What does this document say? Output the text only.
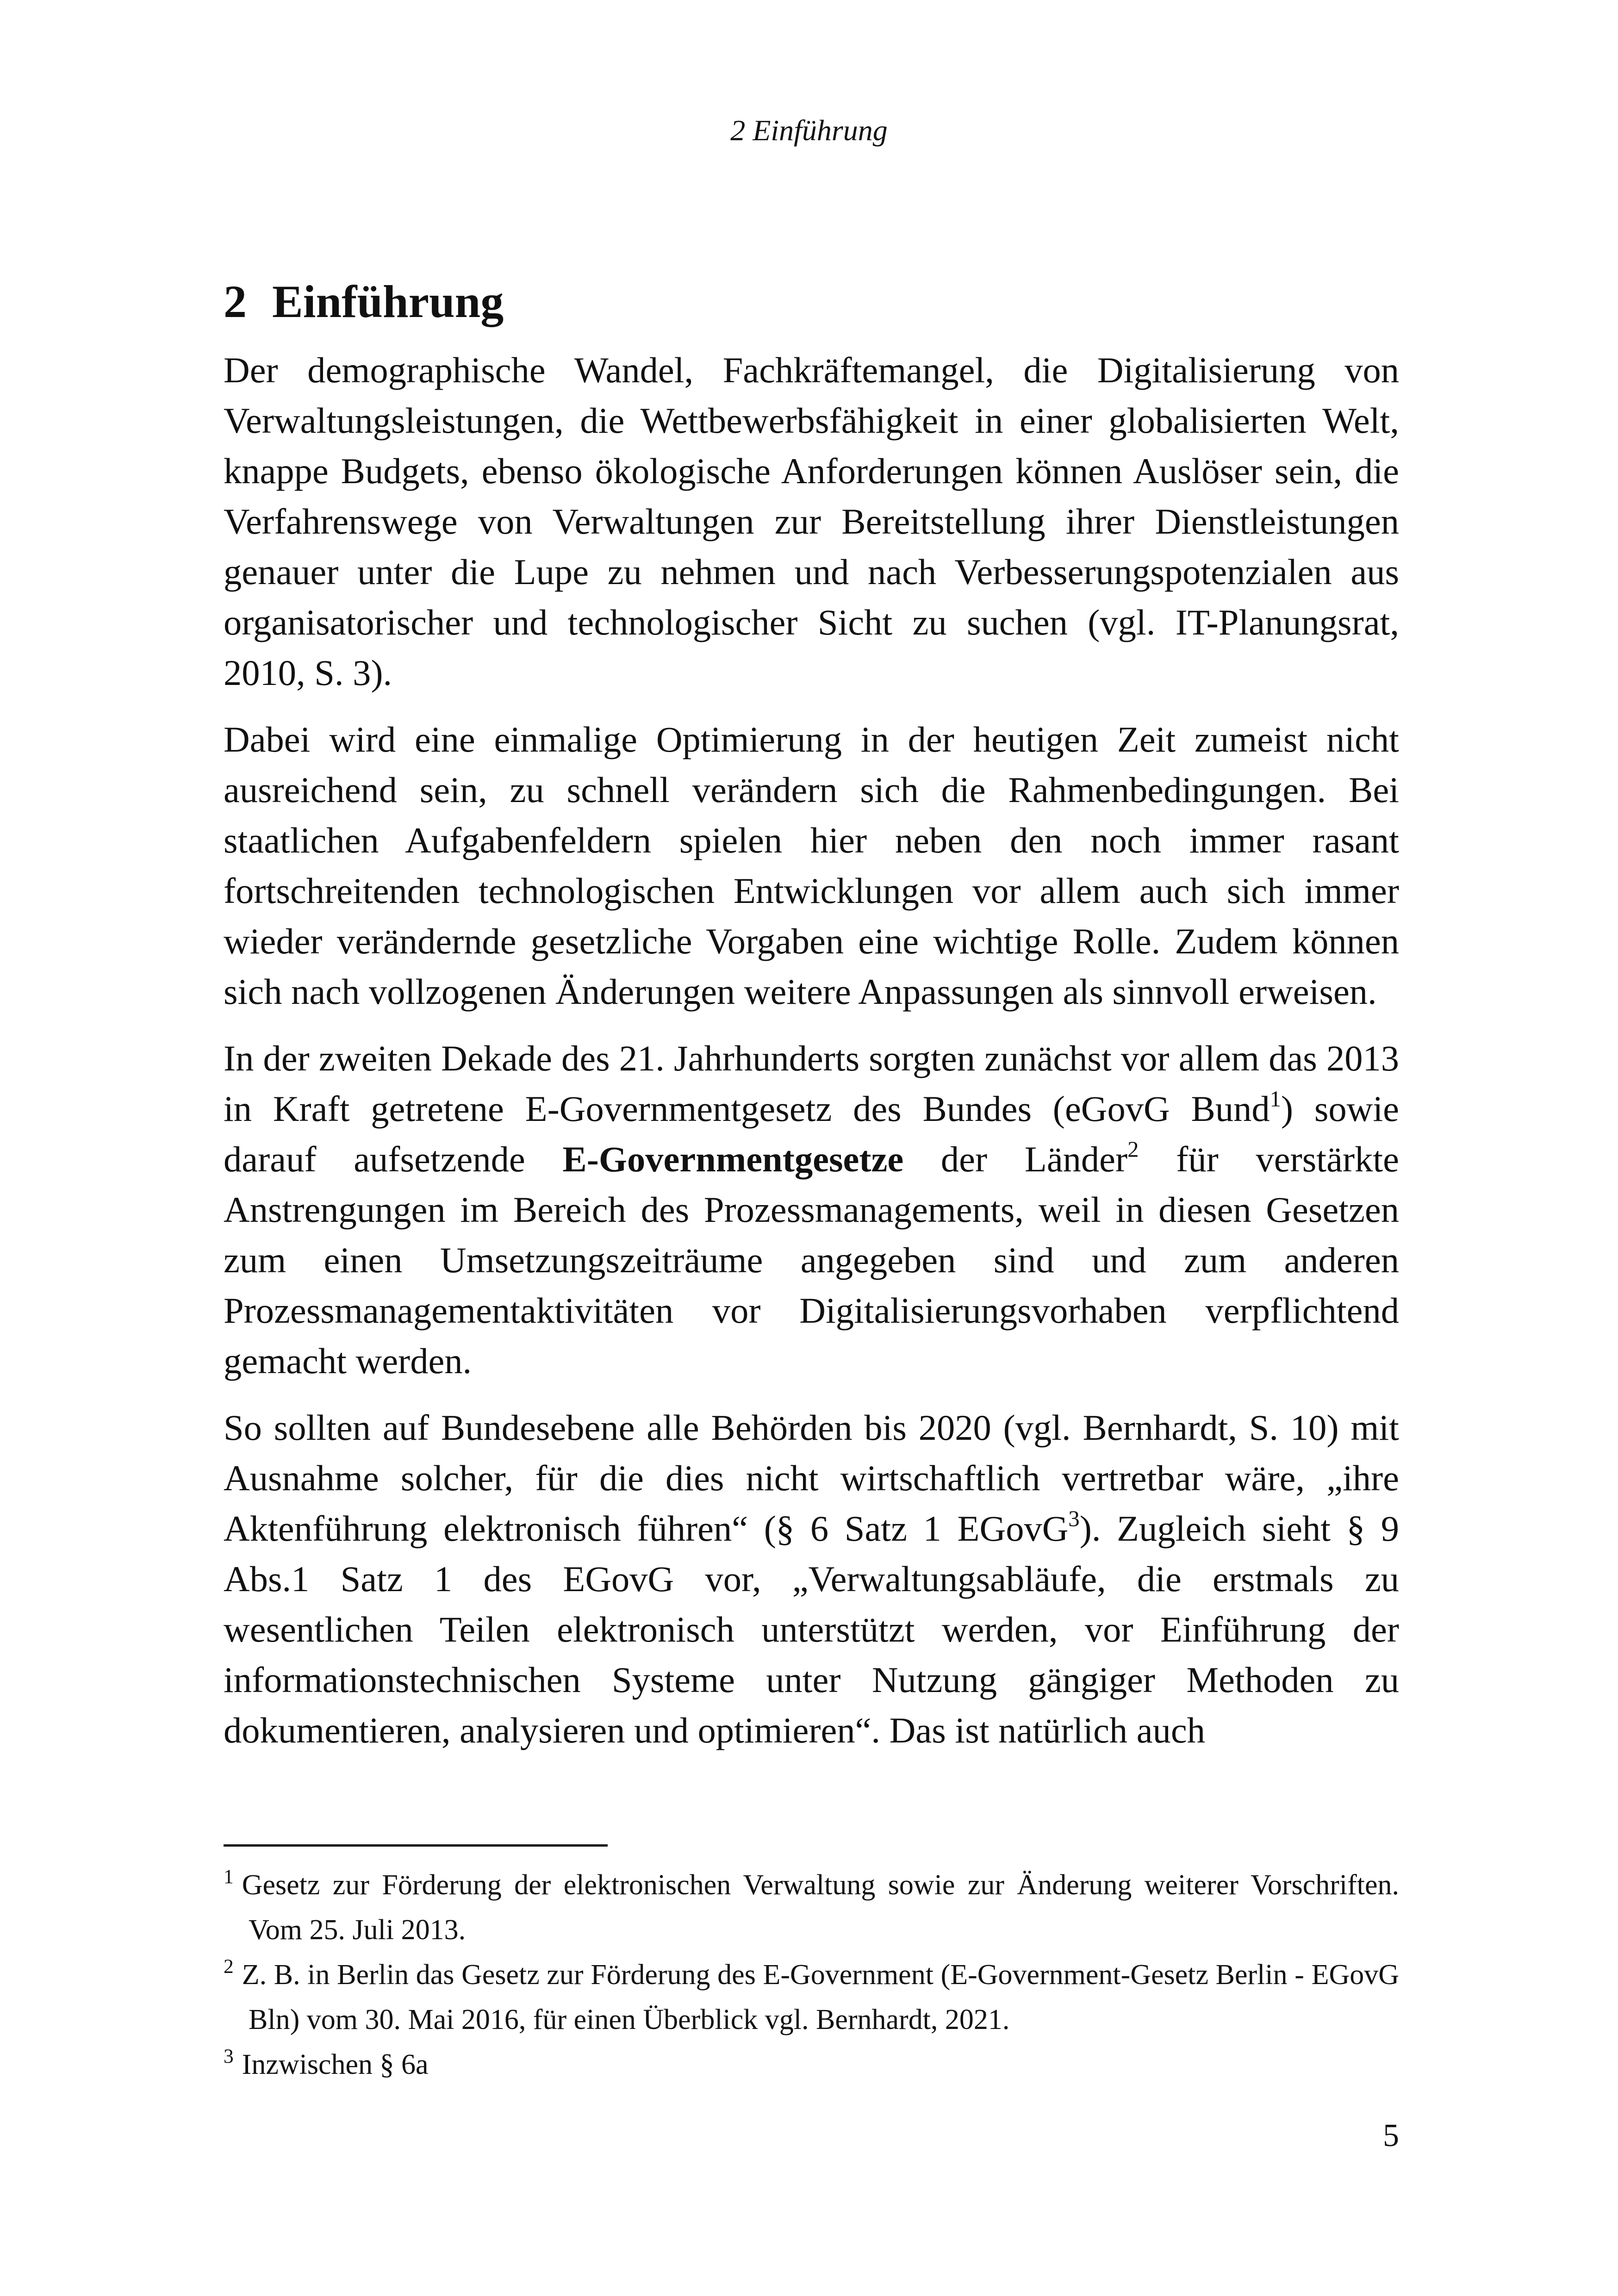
2 Einführung
2 Einführung

Der demographische Wandel, Fachkräftemangel, die Digitalisierung von Verwaltungsleistungen, die Wettbewerbsfähigkeit in einer globalisierten Welt, knappe Budgets, ebenso ökologische Anforderungen können Auslöser sein, die Verfahrenswege von Verwaltungen zur Bereitstellung ihrer Dienstleistungen genauer unter die Lupe zu nehmen und nach Verbesserungspotenzialen aus organisatorischer und technologischer Sicht zu suchen (vgl. IT-Planungsrat, 2010, S. 3).

Dabei wird eine einmalige Optimierung in der heutigen Zeit zumeist nicht ausreichend sein, zu schnell verändern sich die Rahmenbedingungen. Bei staatlichen Aufgabenfeldern spielen hier neben den noch immer rasant fortschreitenden technologischen Entwicklungen vor allem auch sich immer wieder verändernde gesetzliche Vorgaben eine wichtige Rolle. Zudem können sich nach vollzogenen Änderungen weitere Anpassungen als sinnvoll erweisen.

In der zweiten Dekade des 21. Jahrhunderts sorgten zunächst vor allem das 2013 in Kraft getretene E-Governmentgesetz des Bundes (eGovG Bund$^1$) sowie darauf aufsetzende E-Governmentgesetze der Länder$^2$ für verstärkte Anstrengungen im Bereich des Prozessmanagements, weil in diesen Gesetzen zum einen Umsetzungszeiträume angegeben sind und zum anderen Prozessmanagementaktivitäten vor Digitalisierungsvorhaben verpflichtend gemacht werden.

So sollten auf Bundesebene alle Behörden bis 2020 (vgl. Bernhardt, S. 10) mit Ausnahme solcher, für die dies nicht wirtschaftlich vertretbar wäre, „ihre Aktenführung elektronisch führen“ (§ 6 Satz 1 EGovG$^3$). Zugleich sieht § 9 Abs.1 Satz 1 des EGovG vor, „Verwaltungsabläufe, die erstmals zu wesentlichen Teilen elektronisch unterstützt werden, vor Einführung der informationstechnischen Systeme unter Nutzung gängiger Methoden zu dokumentieren, analysieren und optimieren“. Das ist natürlich auch

$^1$ Gesetz zur Förderung der elektronischen Verwaltung sowie zur Änderung weiterer Vorschriften. Vom 25. Juli 2013.

$^2$ Z. B. in Berlin das Gesetz zur Förderung des E-Government (E-Government-Gesetz Berlin - EGovG Bln) vom 30. Mai 2016, für einen Überblick vgl. Bernhardt, 2021.

$^3$ Inzwischen § 6a

5
